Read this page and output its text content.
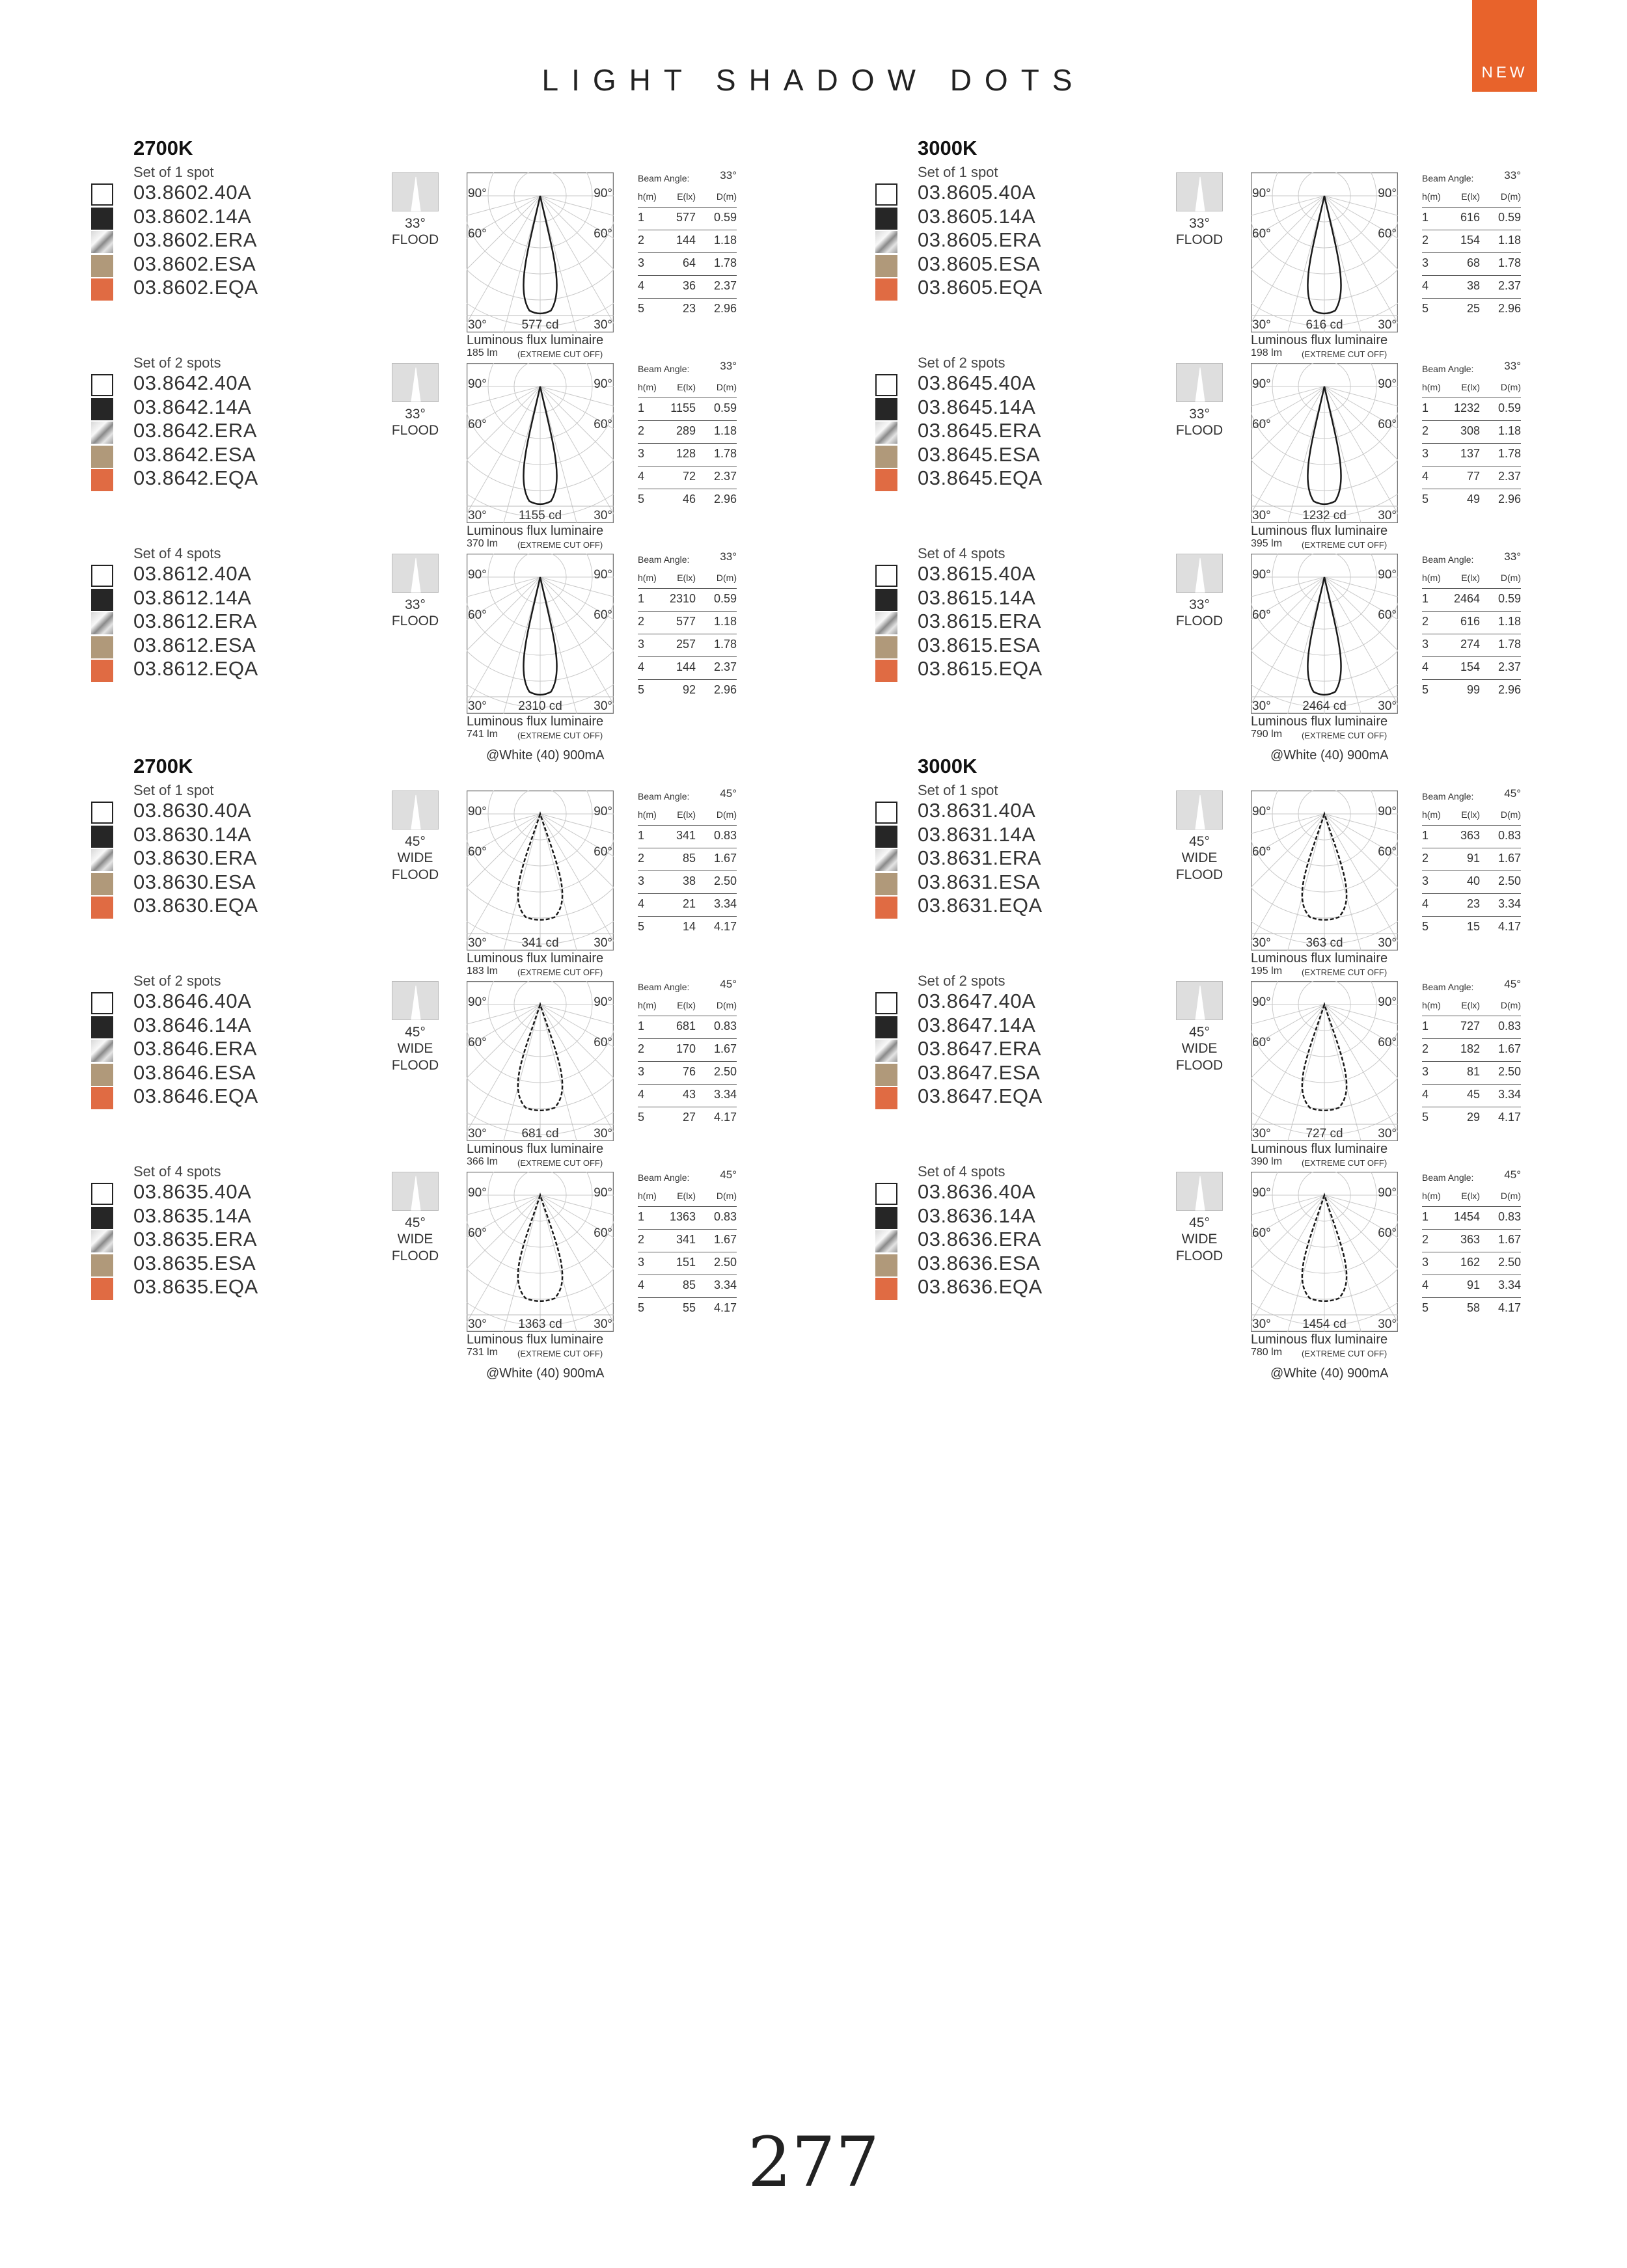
LIGHT SHADOW DOTS	NEW
2700K
Set of 1 spot
03.8602.40A
03.8602.14A
03.8602.ERA
03.8602.ESA
03.8602.EQA
33°
FLOOD
90°	90°
60°	60°
30°	30°
577 cd
Luminous flux luminaire
185 lm (EXTREME CUT OFF)
Beam Angle:	33°
h(m) E(lx) D(m)
1	577 0.59
2	144 1.18
3	64 1.78
4	36 2.37
5	23 2.96
Set of 2 spots
03.8642.40A
03.8642.14A
03.8642.ERA
03.8642.ESA
03.8642.EQA
33°
FLOOD
90°	90°
60°	60°
30°	30°
1155 cd
Luminous flux luminaire
370 lm (EXTREME CUT OFF)
Beam Angle:	33°
h(m) E(lx) D(m)
1 1155 0.59
2	289 1.18
3	128 1.78
4	72 2.37
5	46 2.96
Set of 4 spots
03.8612.40A
03.8612.14A
03.8612.ERA
03.8612.ESA
03.8612.EQA
33°
FLOOD
90°	90°
60°	60°
30°	30°
2310 cd
Luminous flux luminaire
741 lm (EXTREME CUT OFF)
Beam Angle:	33°
h(m) E(lx) D(m)
1 2310 0.59
2	577 1.18
3	257 1.78
4	144 2.37
5	92 2.96
@White (40) 900mA
3000K
Set of 1 spot
03.8605.40A
03.8605.14A
03.8605.ERA
03.8605.ESA
03.8605.EQA
33°
FLOOD
90°	90°
60°	60°
30°	30°
616 cd
Luminous flux luminaire
198 lm (EXTREME CUT OFF)
Beam Angle:	33°
h(m) E(lx) D(m)
1	616 0.59
2	154 1.18
3	68 1.78
4	38 2.37
5	25 2.96
Set of 2 spots
03.8645.40A
03.8645.14A
03.8645.ERA
03.8645.ESA
03.8645.EQA
33°
FLOOD
90°	90°
60°	60°
30°	30°
1232 cd
Luminous flux luminaire
395 lm (EXTREME CUT OFF)
Beam Angle:	33°
h(m) E(lx) D(m)
1 1232 0.59
2	308 1.18
3	137 1.78
4	77 2.37
5	49 2.96
Set of 4 spots
03.8615.40A
03.8615.14A
03.8615.ERA
03.8615.ESA
03.8615.EQA
33°
FLOOD
90°	90°
60°	60°
30°	30°
2464 cd
Luminous flux luminaire
790 lm (EXTREME CUT OFF)
Beam Angle:	33°
h(m) E(lx) D(m)
1 2464 0.59
2	616 1.18
3	274 1.78
4	154 2.37
5	99 2.96
@White (40) 900mA
2700K
Set of 1 spot
03.8630.40A
03.8630.14A
03.8630.ERA
03.8630.ESA
03.8630.EQA
45°
WIDE
FLOOD
90°	90°
60°	60°
30°	30°
341 cd
Luminous flux luminaire
183 lm (EXTREME CUT OFF)
Beam Angle:	45°
h(m) E(lx) D(m)
1	341 0.83
2	85 1.67
3	38 2.50
4	21 3.34
5	14 4.17
Set of 2 spots
03.8646.40A
03.8646.14A
03.8646.ERA
03.8646.ESA
03.8646.EQA
45°
WIDE
FLOOD
90°	90°
60°	60°
30°	30°
681 cd
Luminous flux luminaire
366 lm (EXTREME CUT OFF)
Beam Angle:	45°
h(m) E(lx) D(m)
1	681 0.83
2	170 1.67
3	76 2.50
4	43 3.34
5	27 4.17
Set of 4 spots
03.8635.40A
03.8635.14A
03.8635.ERA
03.8635.ESA
03.8635.EQA
45°
WIDE
FLOOD
90°	90°
60°	60°
30°	30°
1363 cd
Luminous flux luminaire
731 lm (EXTREME CUT OFF)
Beam Angle:	45°
h(m) E(lx) D(m)
1 1363 0.83
2	341 1.67
3	151 2.50
4	85 3.34
5	55 4.17
@White (40) 900mA
3000K
Set of 1 spot
03.8631.40A
03.8631.14A
03.8631.ERA
03.8631.ESA
03.8631.EQA
45°
WIDE
FLOOD
90°	90°
60°	60°
30°	30°
363 cd
Luminous flux luminaire
195 lm (EXTREME CUT OFF)
Beam Angle:	45°
h(m) E(lx) D(m)
1	363 0.83
2	91 1.67
3	40 2.50
4	23 3.34
5	15 4.17
Set of 2 spots
03.8647.40A
03.8647.14A
03.8647.ERA
03.8647.ESA
03.8647.EQA
45°
WIDE
FLOOD
90°	90°
60°	60°
30°	30°
727 cd
Luminous flux luminaire
390 lm (EXTREME CUT OFF)
Beam Angle:	45°
h(m) E(lx) D(m)
1	727 0.83
2	182 1.67
3	81 2.50
4	45 3.34
5	29 4.17
Set of 4 spots
03.8636.40A
03.8636.14A
03.8636.ERA
03.8636.ESA
03.8636.EQA
45°
WIDE
FLOOD
90°	90°
60°	60°
30°	30°
1454 cd
Luminous flux luminaire
780 lm (EXTREME CUT OFF)
Beam Angle:	45°
h(m) E(lx) D(m)
1 1454 0.83
2	363 1.67
3	162 2.50
4	91 3.34
5	58 4.17
@White (40) 900mA
277
